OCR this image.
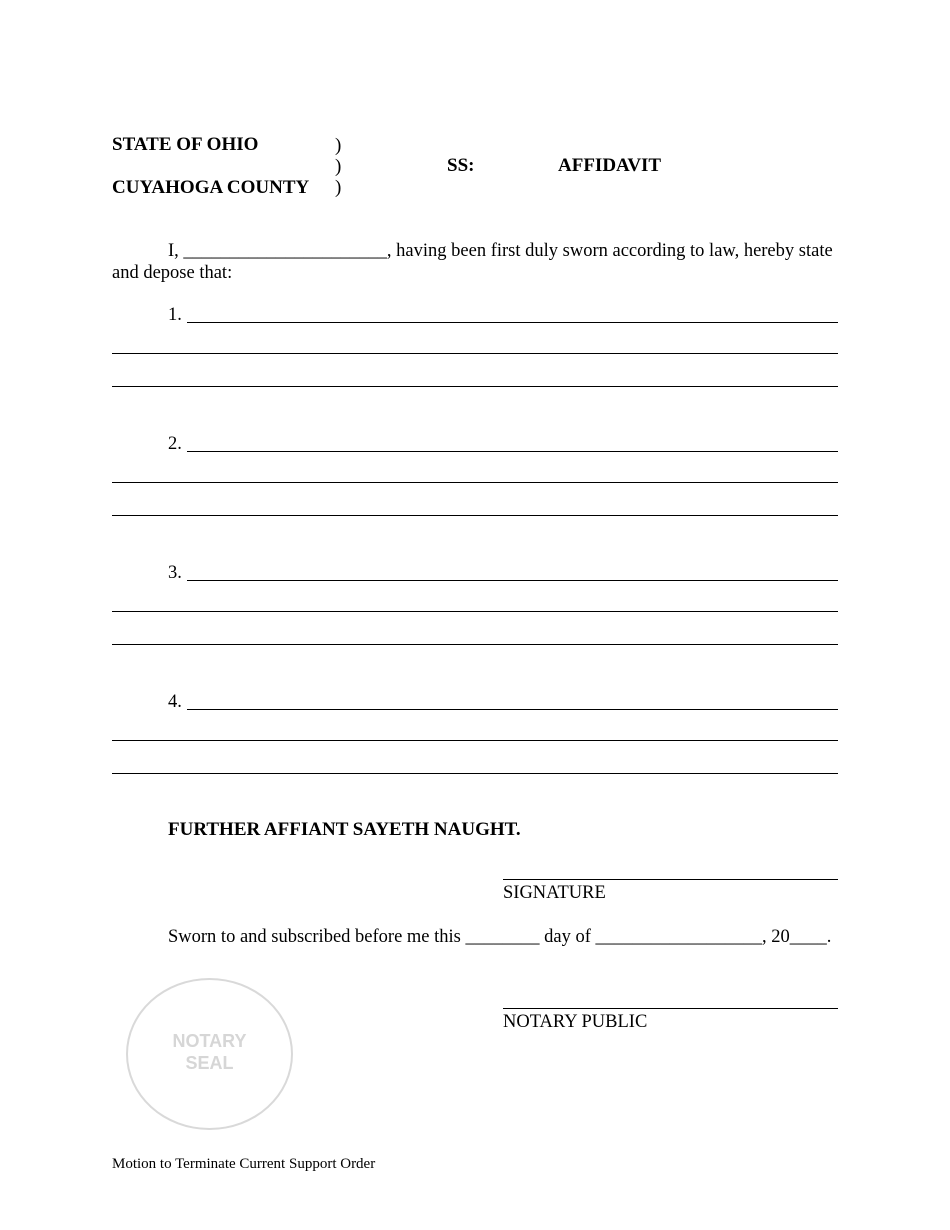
STATE OF OHIO
CUYAHOGA COUNTY
)
)
)
SS:	AFFIDAVIT
I, ______________________, having been first duly sworn according to law, hereby state
and depose that:
1.
2.
3.
4.
FURTHER AFFIANT SAYETH NAUGHT.
SIGNATURE
Sworn to and subscribed before me this ________ day of __________________, 20____.
NOTARY
SEAL
NOTARY PUBLIC
Motion to Terminate Current Support Order
